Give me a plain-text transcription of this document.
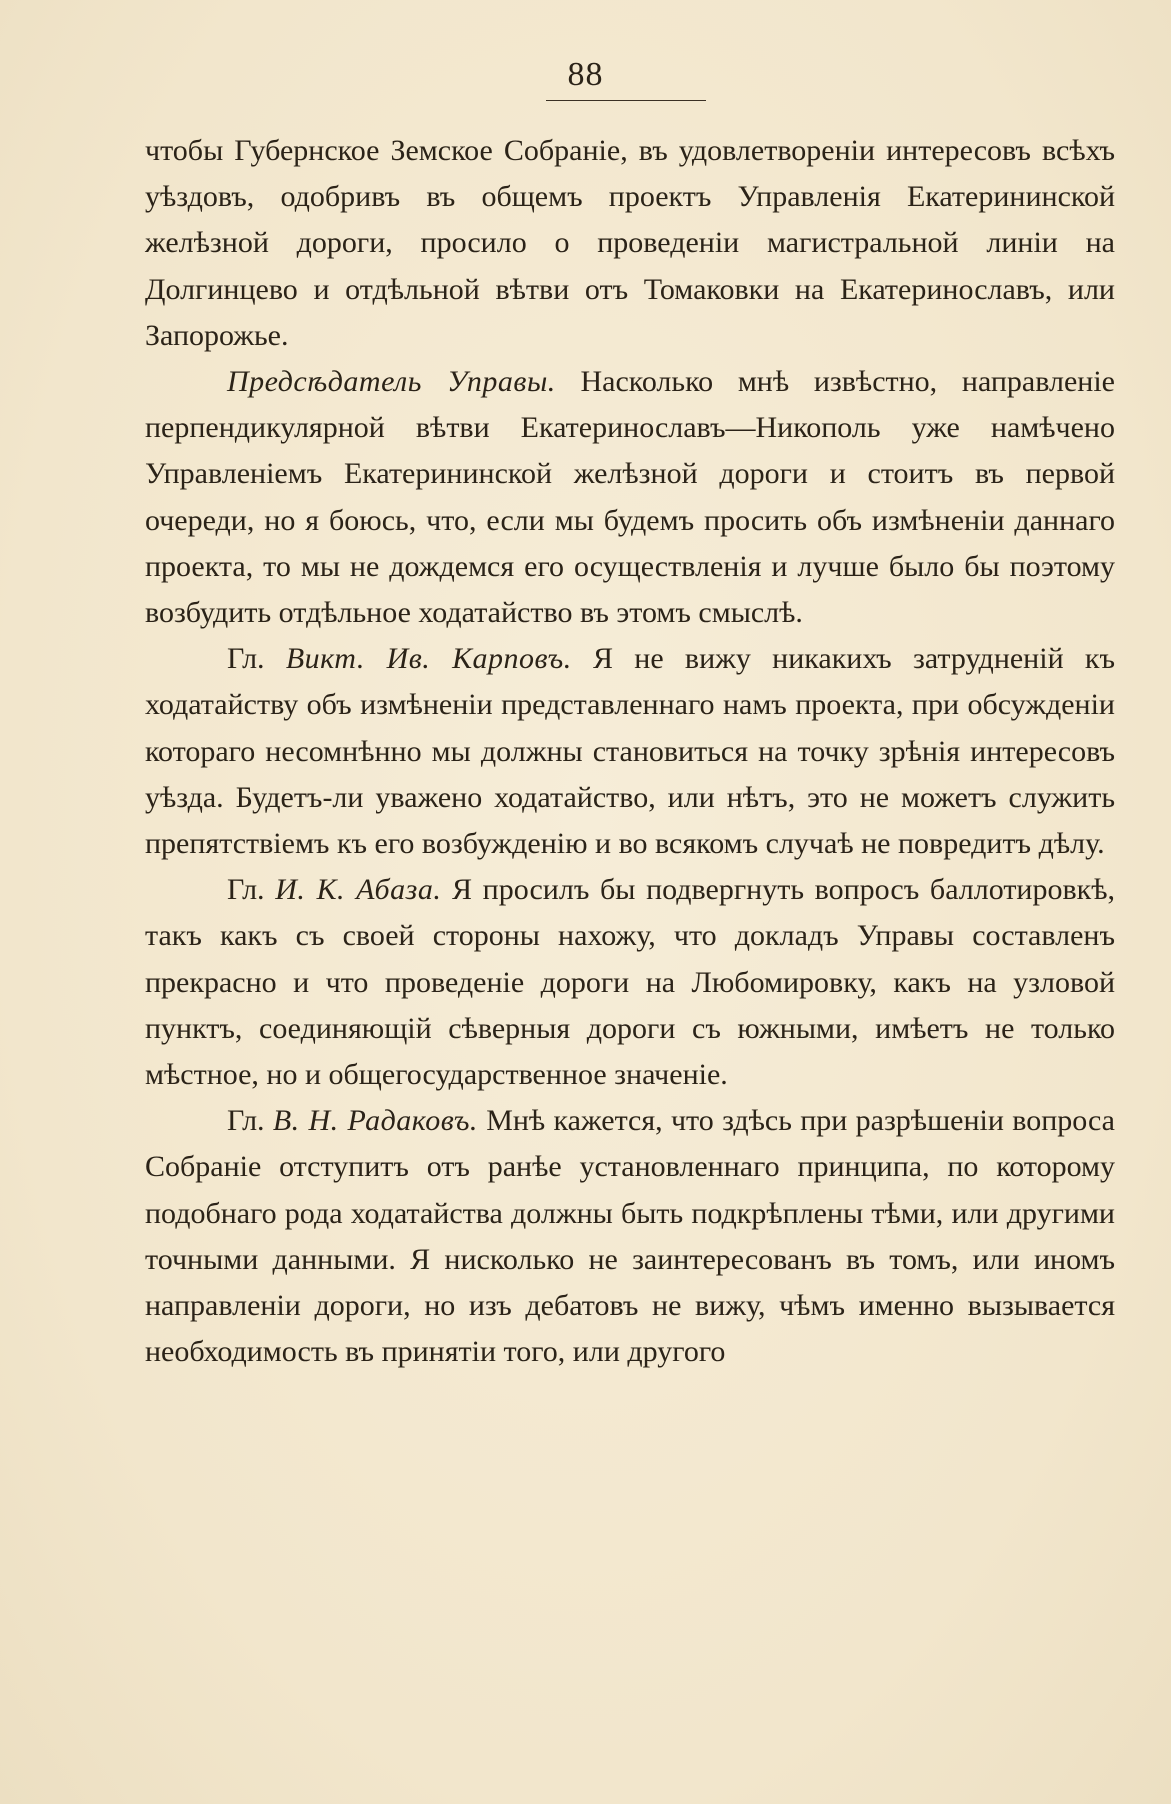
88

чтобы Губернское Земское Собраніе, въ удовлетвореніи интересовъ всѣхъ уѣздовъ, одобривъ въ общемъ проектъ Управленія Екатерининской желѣзной дороги, просило о проведеніи магистральной линіи на Долгинцево и отдѣльной вѣтви отъ Томаковки на Екатеринославъ, или Запорожье.

Предсѣдатель Управы. Насколько мнѣ извѣстно, направленіе перпендикулярной вѣтви Екатеринославъ—Никополь уже намѣчено Управленіемъ Екатерининской желѣзной дороги и стоитъ въ первой очереди, но я боюсь, что, если мы будемъ просить объ измѣненіи даннаго проекта, то мы не дождемся его осуществленія и лучше было бы поэтому возбудить отдѣльное ходатайство въ этомъ смыслѣ.

Гл. Викт. Ив. Карповъ. Я не вижу никакихъ затрудненій къ ходатайству объ измѣненіи представленнаго намъ проекта, при обсужденіи котораго несомнѣнно мы должны становиться на точку зрѣнія интересовъ уѣзда. Будетъ-ли уважено ходатайство, или нѣтъ, это не можетъ служить препятствіемъ къ его возбужденію и во всякомъ случаѣ не повредитъ дѣлу.

Гл. И. К. Абаза. Я просилъ бы подвергнуть вопросъ баллотировкѣ, такъ какъ съ своей стороны нахожу, что докладъ Управы составленъ прекрасно и что проведеніе дороги на Любомировку, какъ на узловой пунктъ, соединяющій сѣверныя дороги съ южными, имѣетъ не только мѣстное, но и общегосударственное значеніе.

Гл. В. Н. Радаковъ. Мнѣ кажется, что здѣсь при разрѣшеніи вопроса Собраніе отступитъ отъ ранѣе установленнаго принципа, по которому подобнаго рода ходатайства должны быть подкрѣплены тѣми, или другими точными данными. Я нисколько не заинтересованъ въ томъ, или иномъ направленіи дороги, но изъ дебатовъ не вижу, чѣмъ именно вызывается необходимость въ принятіи того, или другого
